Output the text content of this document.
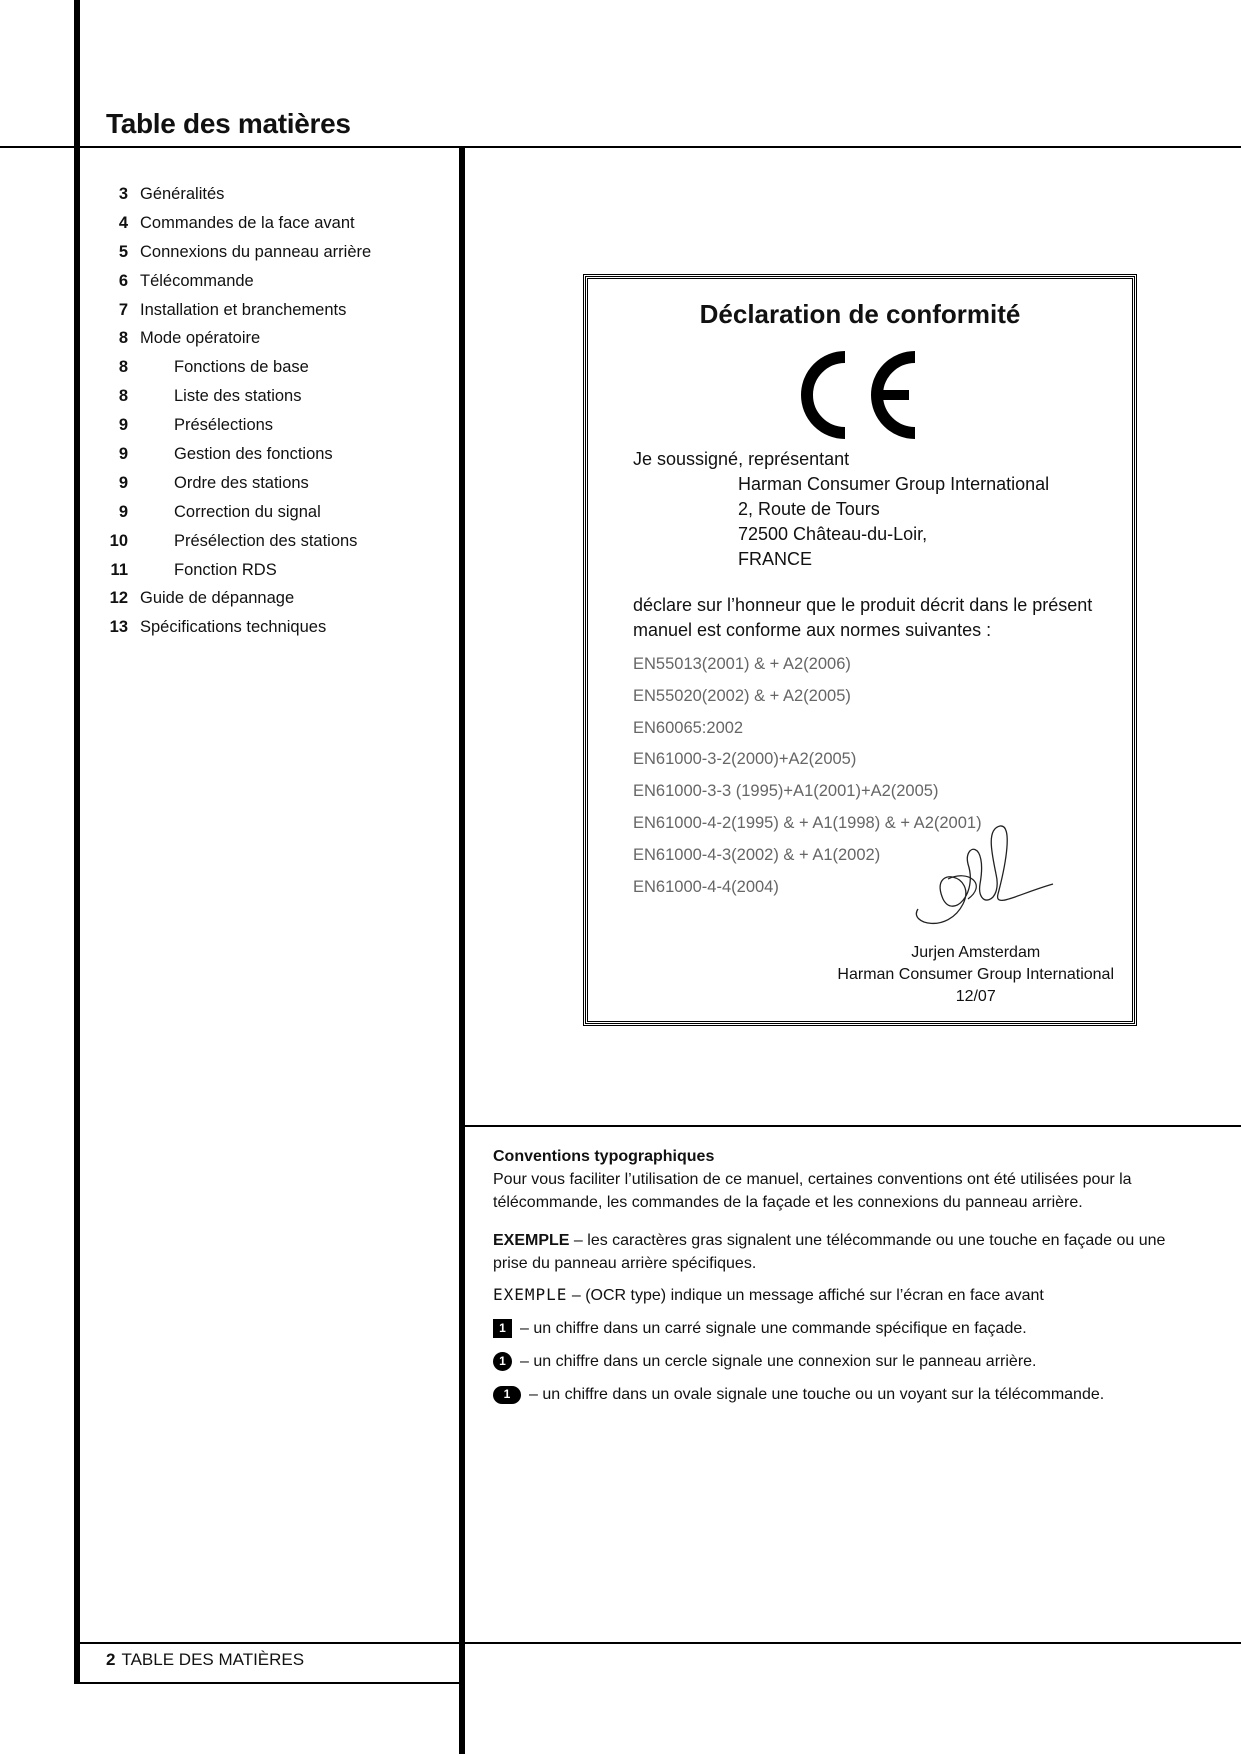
Table des matières
3 Généralités
4 Commandes de la face avant
5 Connexions du panneau arrière
6 Télécommande
7 Installation et branchements
8 Mode opératoire
8	Fonctions de base
8	Liste des stations
9	Présélections
9	Gestion des fonctions
9	Ordre des stations
9	Correction du signal
10	Présélection des stations
11	Fonction RDS
12 Guide de dépannage
13 Spécifications techniques
Déclaration de conformité
Je soussigné, représentant
Harman Consumer Group International
2, Route de Tours
72500 Château-du-Loir,
FRANCE
déclare sur l’honneur que le produit décrit dans le présent manuel est conforme aux normes suivantes :
EN55013(2001) & + A2(2006)
EN55020(2002) & + A2(2005)
EN60065:2002
EN61000-3-2(2000)+A2(2005)
EN61000-3-3 (1995)+A1(2001)+A2(2005)
EN61000-4-2(1995) & + A1(1998) & + A2(2001)
EN61000-4-3(2002) & + A1(2002)
EN61000-4-4(2004)
Jurjen Amsterdam
Harman Consumer Group International
12/07

Conventions typographiques

Pour vous faciliter l’utilisation de ce manuel, certaines conventions ont été utilisées pour la télécommande, les commandes de la façade et les connexions du panneau arrière.

EXEMPLE – les caractères gras signalent une télécommande ou une touche en façade ou une prise du panneau arrière spécifiques.

EXEMPLE – (OCR type) indique un message affiché sur l’écran en face avant

1 – un chiffre dans un carré signale une commande spécifique en façade.
1 – un chiffre dans un cercle signale une connexion sur le panneau arrière.
1	– un chiffre dans un ovale signale une touche ou un voyant sur la télécommande.
2 TABLE DES MATIÈRES
